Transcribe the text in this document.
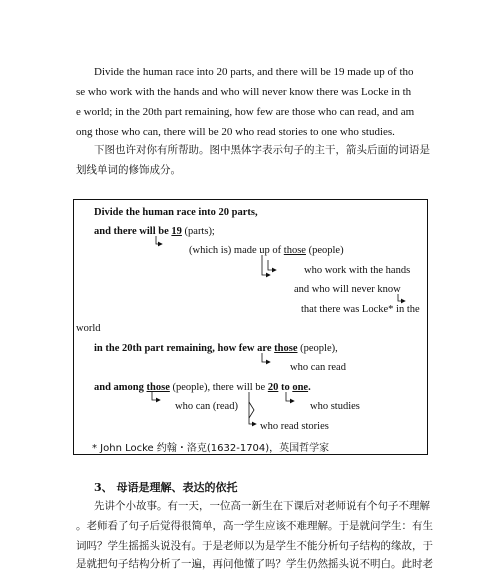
Divide the human race into 20 parts, and there will be 19 made up of tho
se who work with the hands and who will never know there was Locke in th
e world; in the 20th part remaining, how few are those who can read, and am
ong those who can, there will be 20 who read stories to one who studies.
下图也许对你有所帮助。图中黑体字表示句子的主干，箭头后面的词语是
划线单词的修饰成分。
Divide the human race into 20 parts,
and there will be 19 (parts);
(which is) made up of those (people)
who work with the hands
and who will never know
that there was Locke* in the
world
in the 20th part remaining, how few are those (people),
who can read
and among those (people), there will be 20 to one.
who can (read)	who studies
who read stories
* John Locke 约翰・洛克(1632-1704)，英国哲学家
3、 母语是理解、表达的依托
先讲个小故事。有一天，一位高一新生在下课后对老师说有个句子不理解
。老师看了句子后觉得很简单，高一学生应该不难理解。于是就问学生：有生
词吗？学生摇摇头说没有。于是老师以为是学生不能分析句子结构的缘故，于
是就把句子结构分析了一遍，再问他懂了吗？学生仍然摇头说不明白。此时老
